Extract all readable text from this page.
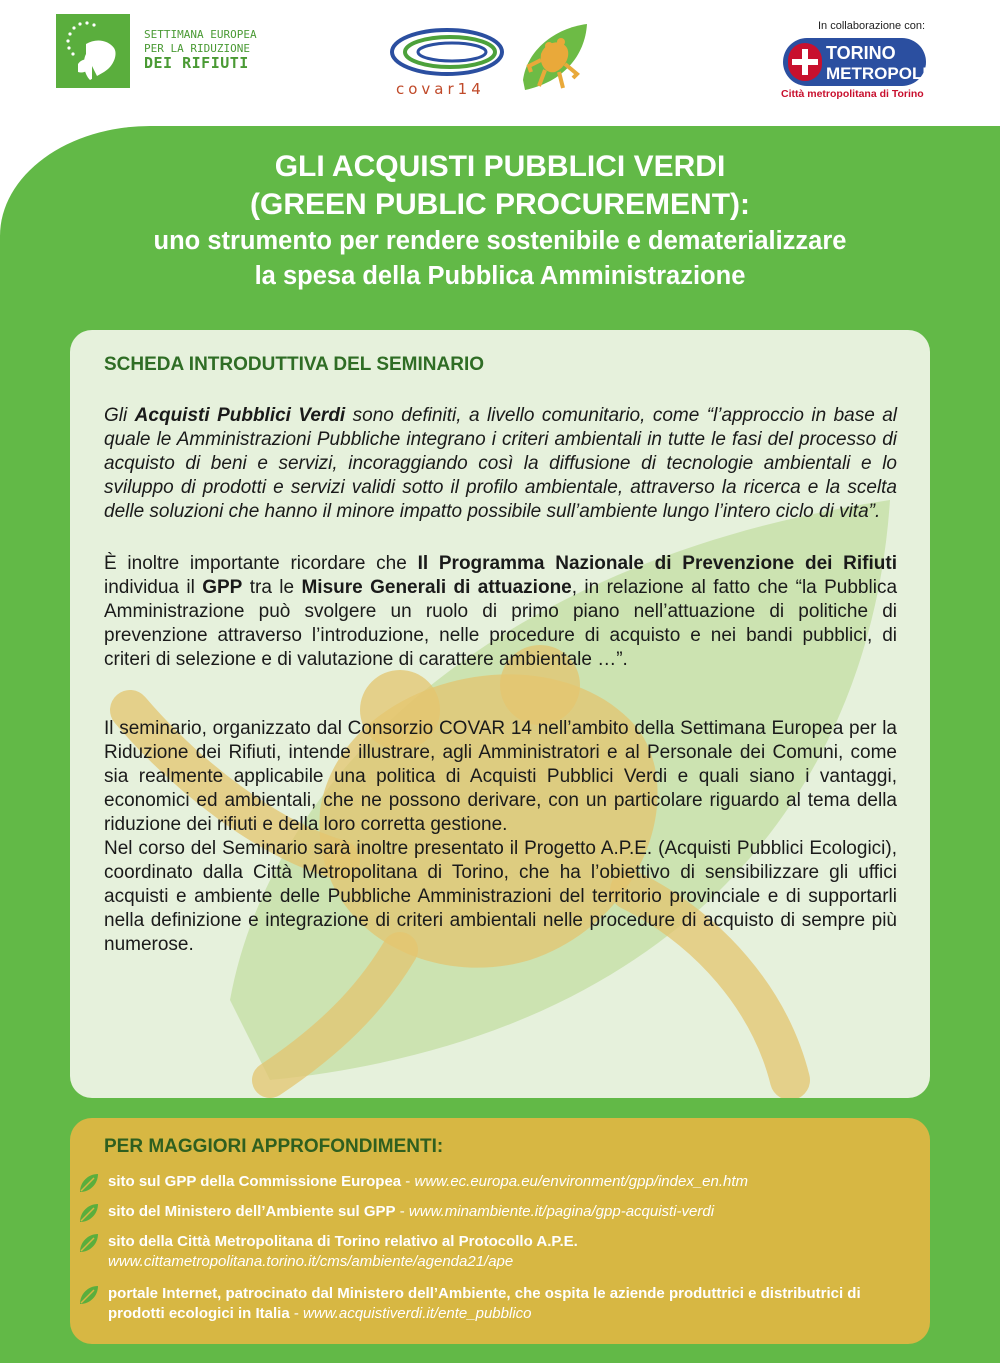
SETTIMANA EUROPEA
PER LA RIDUZIONE
DEI RIFIUTI
covar14
In collaborazione con:
TORINO
METROPOLI
Città metropolitana di Torino
GLI ACQUISTI PUBBLICI VERDI
(GREEN PUBLIC PROCUREMENT):
uno strumento per rendere sostenibile e dematerializzare
la spesa della Pubblica Amministrazione
SCHEDA INTRODUTTIVA DEL SEMINARIO

Gli Acquisti Pubblici Verdi sono definiti, a livello comunitario, come “l’approccio in base al quale le Amministrazioni Pubbliche integrano i criteri ambientali in tutte le fasi del processo di acquisto di beni e servizi, incoraggiando così la diffusione di tecnologie ambientali e lo sviluppo di prodotti e servizi validi sotto il profilo ambientale, attraverso la ricerca e la scelta delle soluzioni che hanno il minore impatto possibile sull’ambiente lungo l’intero ciclo di vita”.

È inoltre importante ricordare che Il Programma Nazionale di Prevenzione dei Rifiuti individua il GPP tra le Misure Generali di attuazione, in relazione al fatto che “la Pubblica Amministrazione può svolgere un ruolo di primo piano nell’attuazione di politiche di prevenzione attraverso l’introduzione, nelle procedure di acquisto e nei bandi pubblici, di criteri di selezione e di valutazione di carattere ambientale …”.

Il seminario, organizzato dal Consorzio COVAR 14 nell’ambito della Settimana Europea per la Riduzione dei Rifiuti, intende illustrare, agli Amministratori e al Personale dei Comuni, come sia realmente applicabile una politica di Acquisti Pubblici Verdi e quali siano i vantaggi, economici ed ambientali, che ne possono derivare, con un particolare riguardo al tema della riduzione dei rifiuti e della loro corretta gestione.

Nel corso del Seminario sarà inoltre presentato il Progetto A.P.E. (Acquisti Pubblici Ecologici), coordinato dalla Città Metropolitana di Torino, che ha l’obiettivo di sensibilizzare gli uffici acquisti e ambiente delle Pubbliche Amministrazioni del territorio provinciale e di supportarli nella definizione e integrazione di criteri ambientali nelle procedure di acquisto di sempre più numerose.

PER MAGGIORI APPROFONDIMENTI:
sito sul GPP della Commissione Europea - www.ec.europa.eu/environment/gpp/index_en.htm
sito del Ministero dell’Ambiente sul GPP - www.minambiente.it/pagina/gpp-acquisti-verdi
sito della Città Metropolitana di Torino relativo al Protocollo A.P.E.
www.cittametropolitana.torino.it/cms/ambiente/agenda21/ape
portale Internet, patrocinato dal Ministero dell’Ambiente, che ospita le aziende produttrici e distributrici di prodotti ecologici in Italia - www.acquistiverdi.it/ente_pubblico
